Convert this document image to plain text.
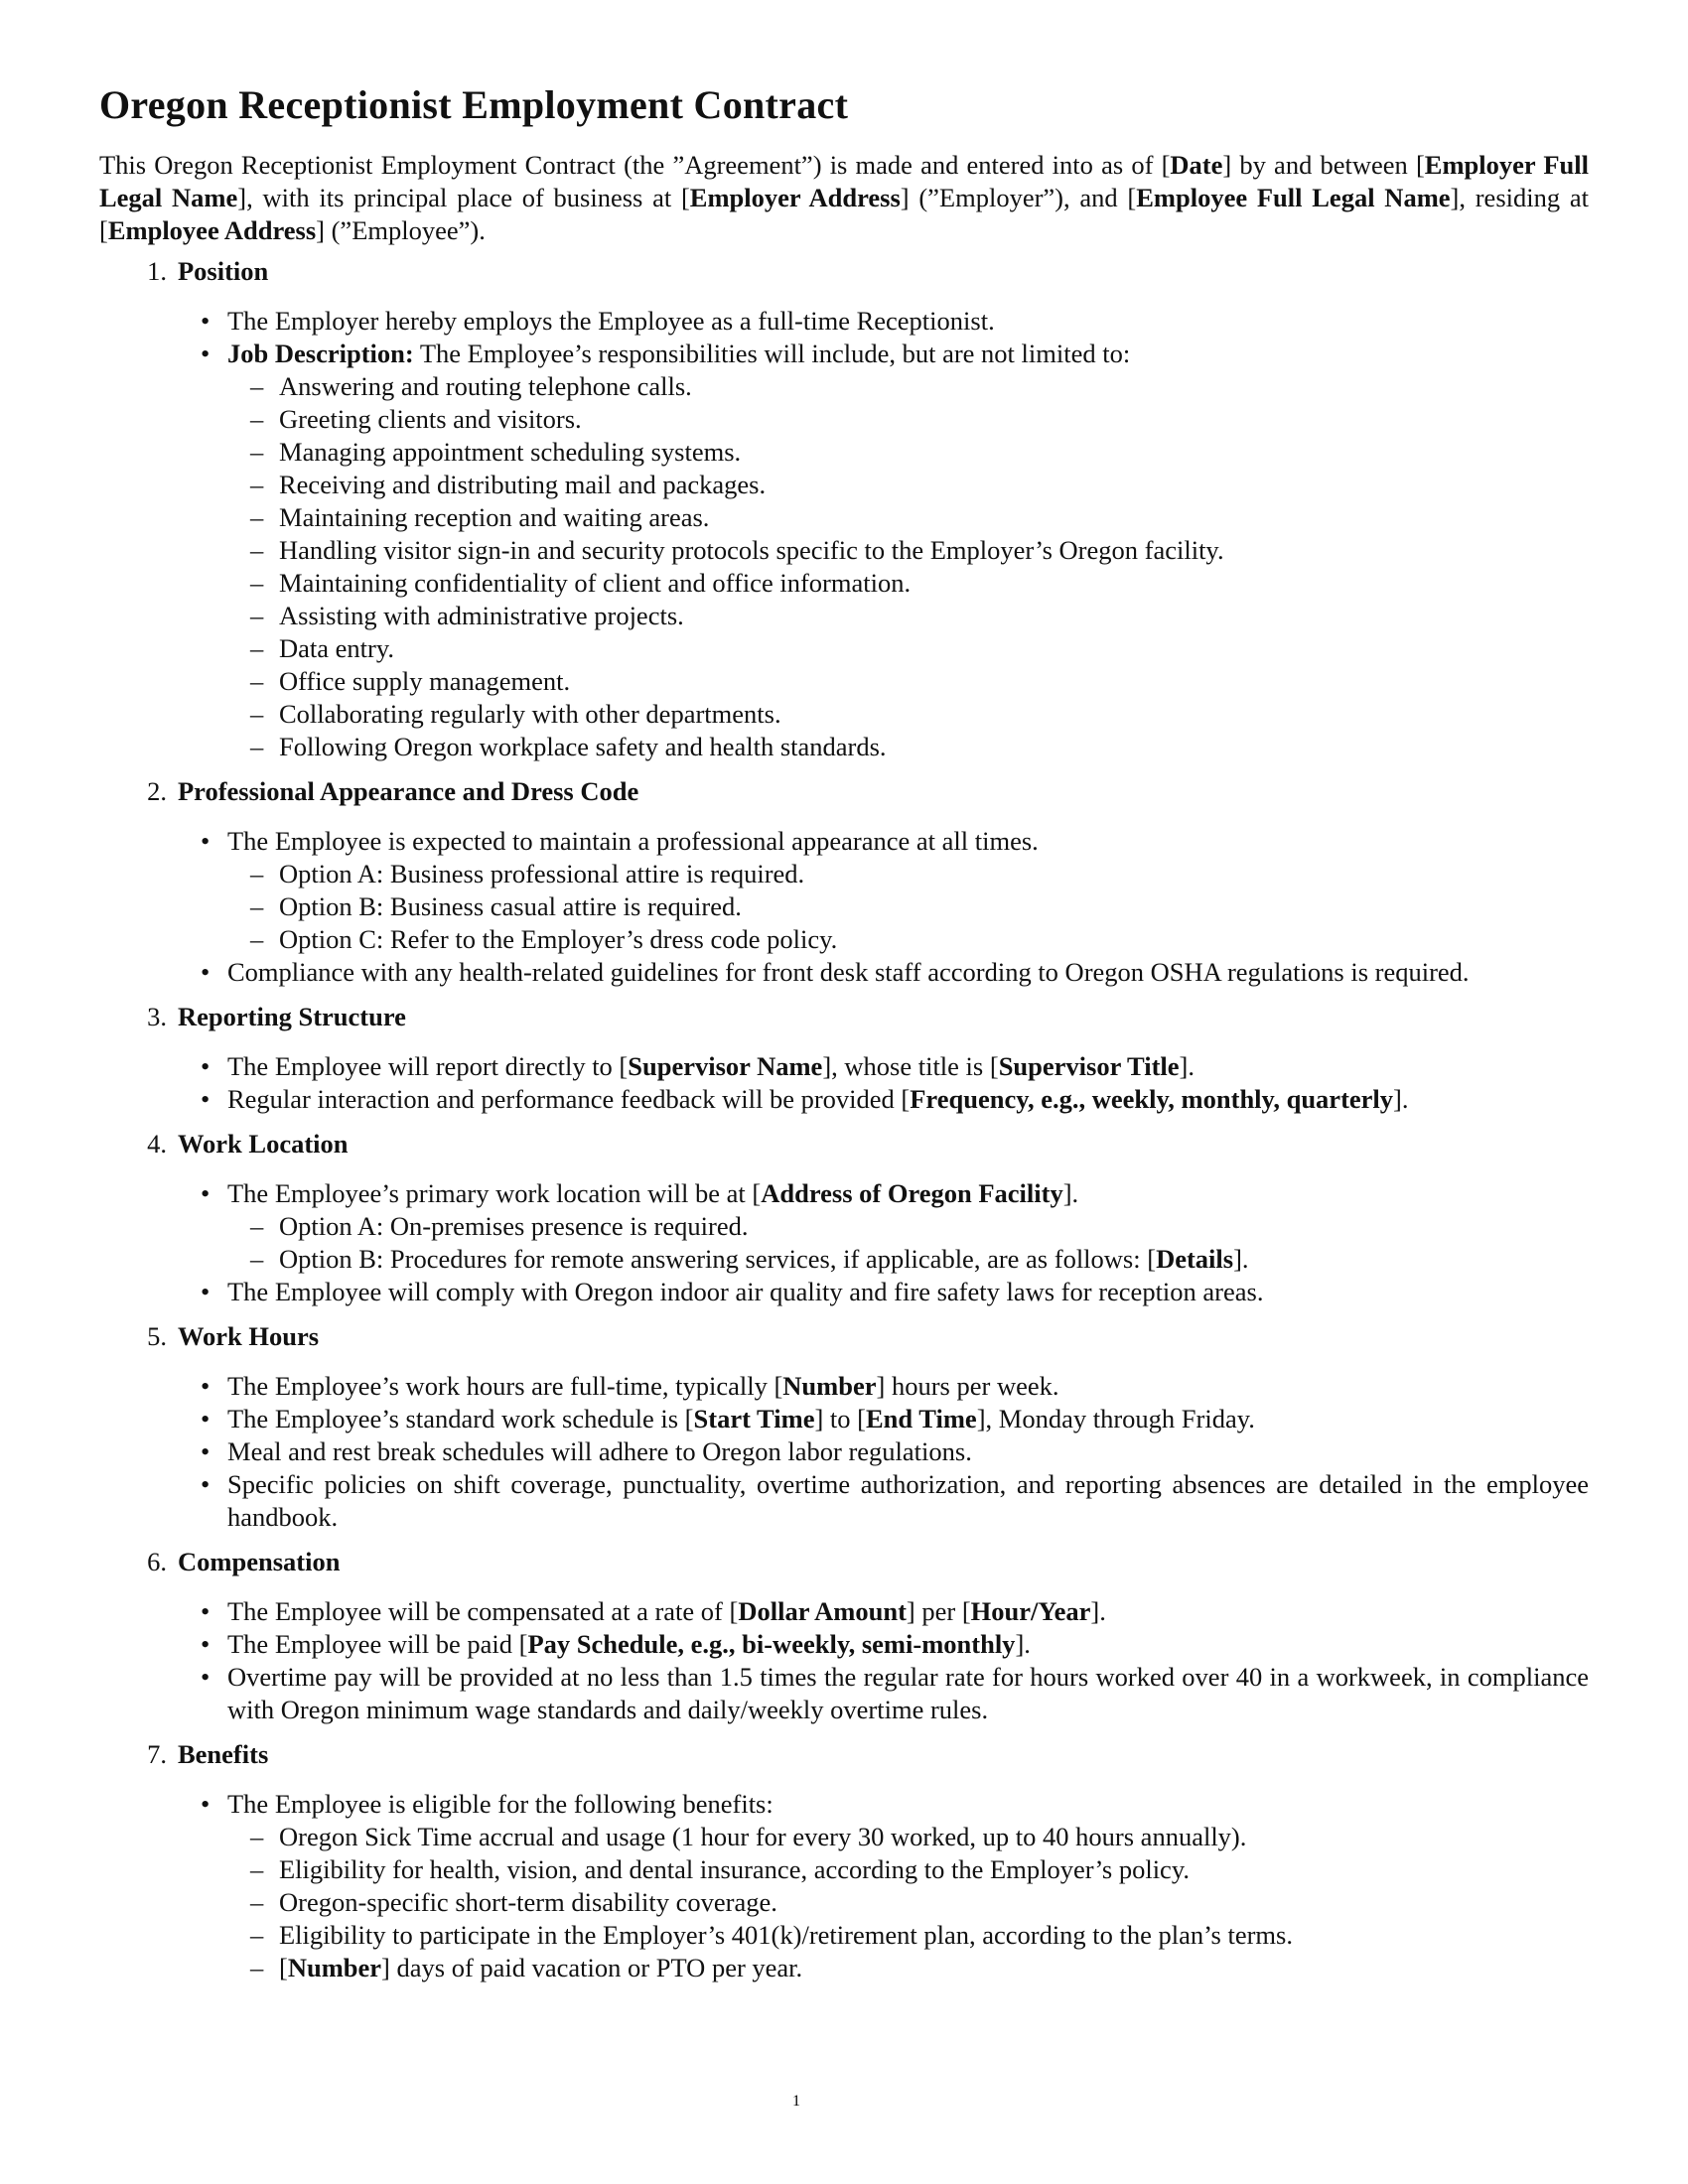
Oregon Receptionist Employment Contract

This Oregon Receptionist Employment Contract (the ”Agreement”) is made and entered into as of [Date] by and between [Employer Full Legal Name], with its principal place of business at [Employer Address] (”Employer”), and [Employee Full Legal Name], residing at [Employee Address] (”Employee”).

1. Position
• The Employer hereby employs the Employee as a full-time Receptionist.
• Job Description: The Employee’s responsibilities will include, but are not limited to:
– Answering and routing telephone calls.
– Greeting clients and visitors.
– Managing appointment scheduling systems.
– Receiving and distributing mail and packages.
– Maintaining reception and waiting areas.
– Handling visitor sign-in and security protocols specific to the Employer’s Oregon facility.
– Maintaining confidentiality of client and office information.
– Assisting with administrative projects.
– Data entry.
– Office supply management.
– Collaborating regularly with other departments.
– Following Oregon workplace safety and health standards.
2. Professional Appearance and Dress Code
• The Employee is expected to maintain a professional appearance at all times.
– Option A: Business professional attire is required.
– Option B: Business casual attire is required.
– Option C: Refer to the Employer’s dress code policy.
• Compliance with any health-related guidelines for front desk staff according to Oregon OSHA regulations is required.
3. Reporting Structure
• The Employee will report directly to [Supervisor Name], whose title is [Supervisor Title].
• Regular interaction and performance feedback will be provided [Frequency, e.g., weekly, monthly, quarterly].
4. Work Location
• The Employee’s primary work location will be at [Address of Oregon Facility].
– Option A: On-premises presence is required.
– Option B: Procedures for remote answering services, if applicable, are as follows: [Details].
• The Employee will comply with Oregon indoor air quality and fire safety laws for reception areas.
5. Work Hours
• The Employee’s work hours are full-time, typically [Number] hours per week.
• The Employee’s standard work schedule is [Start Time] to [End Time], Monday through Friday.
• Meal and rest break schedules will adhere to Oregon labor regulations.
• Specific policies on shift coverage, punctuality, overtime authorization, and reporting absences are detailed in the employee handbook.
6. Compensation
• The Employee will be compensated at a rate of [Dollar Amount] per [Hour/Year].
• The Employee will be paid [Pay Schedule, e.g., bi-weekly, semi-monthly].
• Overtime pay will be provided at no less than 1.5 times the regular rate for hours worked over 40 in a workweek, in compliance with Oregon minimum wage standards and daily/weekly overtime rules.
7. Benefits
• The Employee is eligible for the following benefits:
– Oregon Sick Time accrual and usage (1 hour for every 30 worked, up to 40 hours annually).
– Eligibility for health, vision, and dental insurance, according to the Employer’s policy.
– Oregon-specific short-term disability coverage.
– Eligibility to participate in the Employer’s 401(k)/retirement plan, according to the plan’s terms.
– [Number] days of paid vacation or PTO per year.
1
